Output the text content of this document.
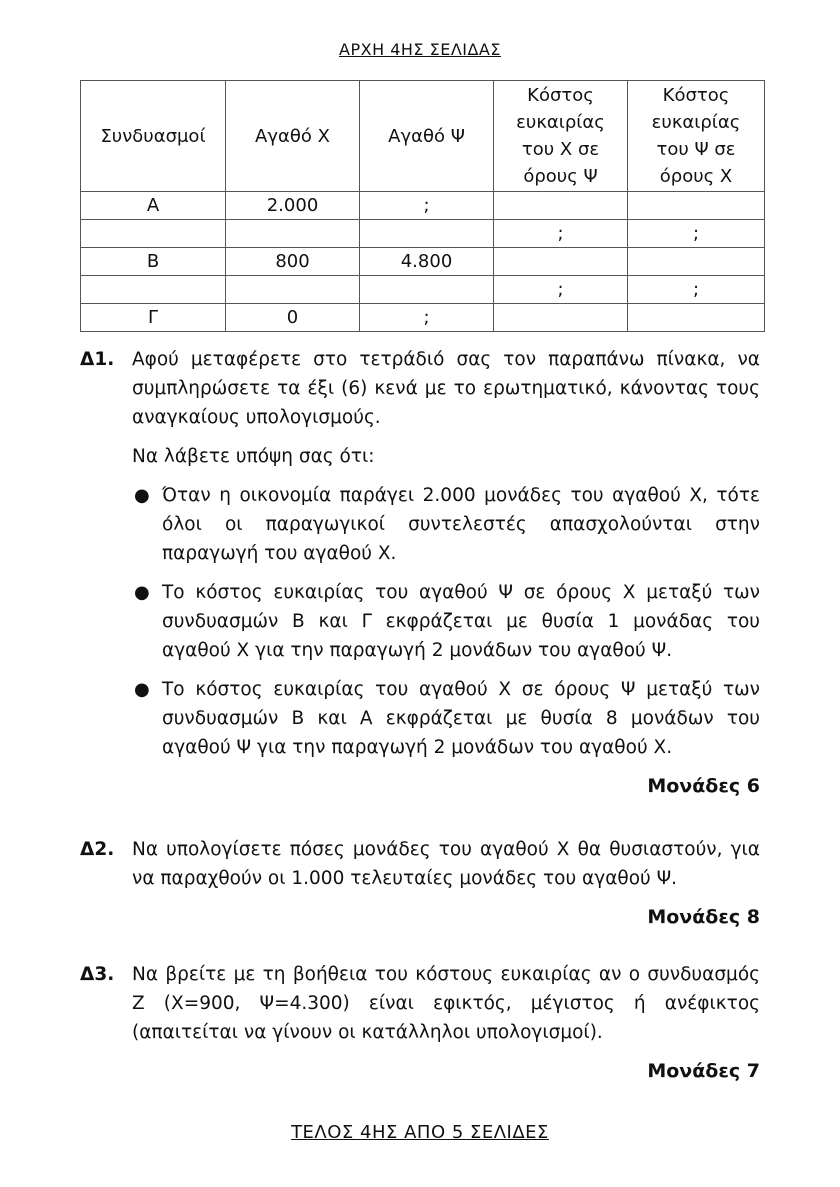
ΑΡΧΗ 4ΗΣ ΣΕΛΙΔΑΣ
Συνδυασμοί	Αγαθό Χ	Αγαθό Ψ	Κόστος
ευκαιρίας
του Χ σε
όρους Ψ	Κόστος
ευκαιρίας
του Ψ σε
όρους Χ
Α	2.000	;		
			;	;
Β	800	4.800		
			;	;
Γ	0	;		
Δ1. Αφού μεταφέρετε στο τετράδιό σας τον παραπάνω πίνακα, να συμπληρώσετε τα έξι (6) κενά με το ερωτηματικό, κάνοντας τους αναγκαίους υπολογισμούς.

Να λάβετε υπόψη σας ότι:

● Όταν η οικονομία παράγει 2.000 μονάδες του αγαθού Χ, τότε όλοι οι παραγωγικοί συντελεστές απασχολούνται στην παραγωγή του αγαθού Χ.
● Το κόστος ευκαιρίας του αγαθού Ψ σε όρους Χ μεταξύ των συνδυασμών Β και Γ εκφράζεται με θυσία 1 μονάδας του αγαθού Χ για την παραγωγή 2 μονάδων του αγαθού Ψ.
● Το κόστος ευκαιρίας του αγαθού Χ σε όρους Ψ μεταξύ των συνδυασμών Β και Α εκφράζεται με θυσία 8 μονάδων του αγαθού Ψ για την παραγωγή 2 μονάδων του αγαθού Χ.
Μονάδες 6
Δ2. Να υπολογίσετε πόσες μονάδες του αγαθού Χ θα θυσιαστούν, για να παραχθούν οι 1.000 τελευταίες μονάδες του αγαθού Ψ.

Μονάδες 8
Δ3. Να βρείτε με τη βοήθεια του κόστους ευκαιρίας αν ο συνδυασμός Ζ (Χ=900, Ψ=4.300) είναι εφικτός, μέγιστος ή ανέφικτος (απαιτείται να γίνουν οι κατάλληλοι υπολογισμοί).

Μονάδες 7
ΤΕΛΟΣ 4ΗΣ ΑΠΟ 5 ΣΕΛΙΔΕΣ
